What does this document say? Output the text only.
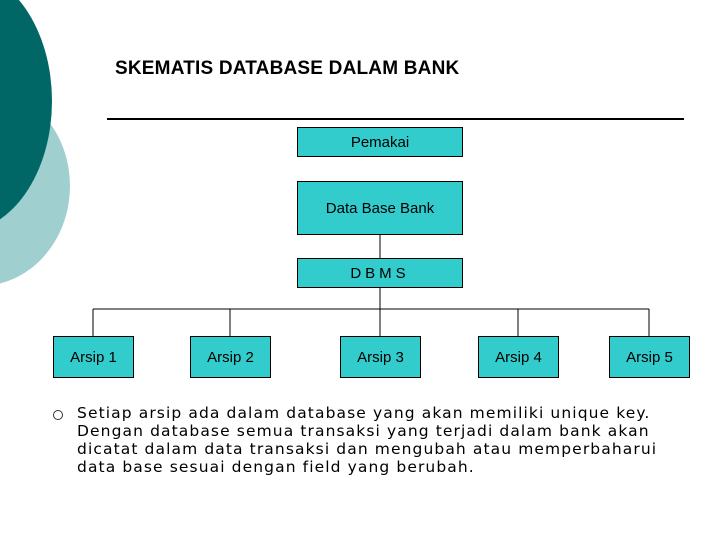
SKEMATIS DATABASE DALAM BANK
Pemakai
Data Base Bank
DBMS
Arsip 1	Arsip 2	Arsip 3	Arsip 4	Arsip 5

Setiap arsip ada dalam database yang akan memiliki unique key. Dengan database semua transaksi yang terjadi dalam bank akan dicatat dalam data transaksi dan mengubah atau memperbaharui data base sesuai dengan field yang berubah.
